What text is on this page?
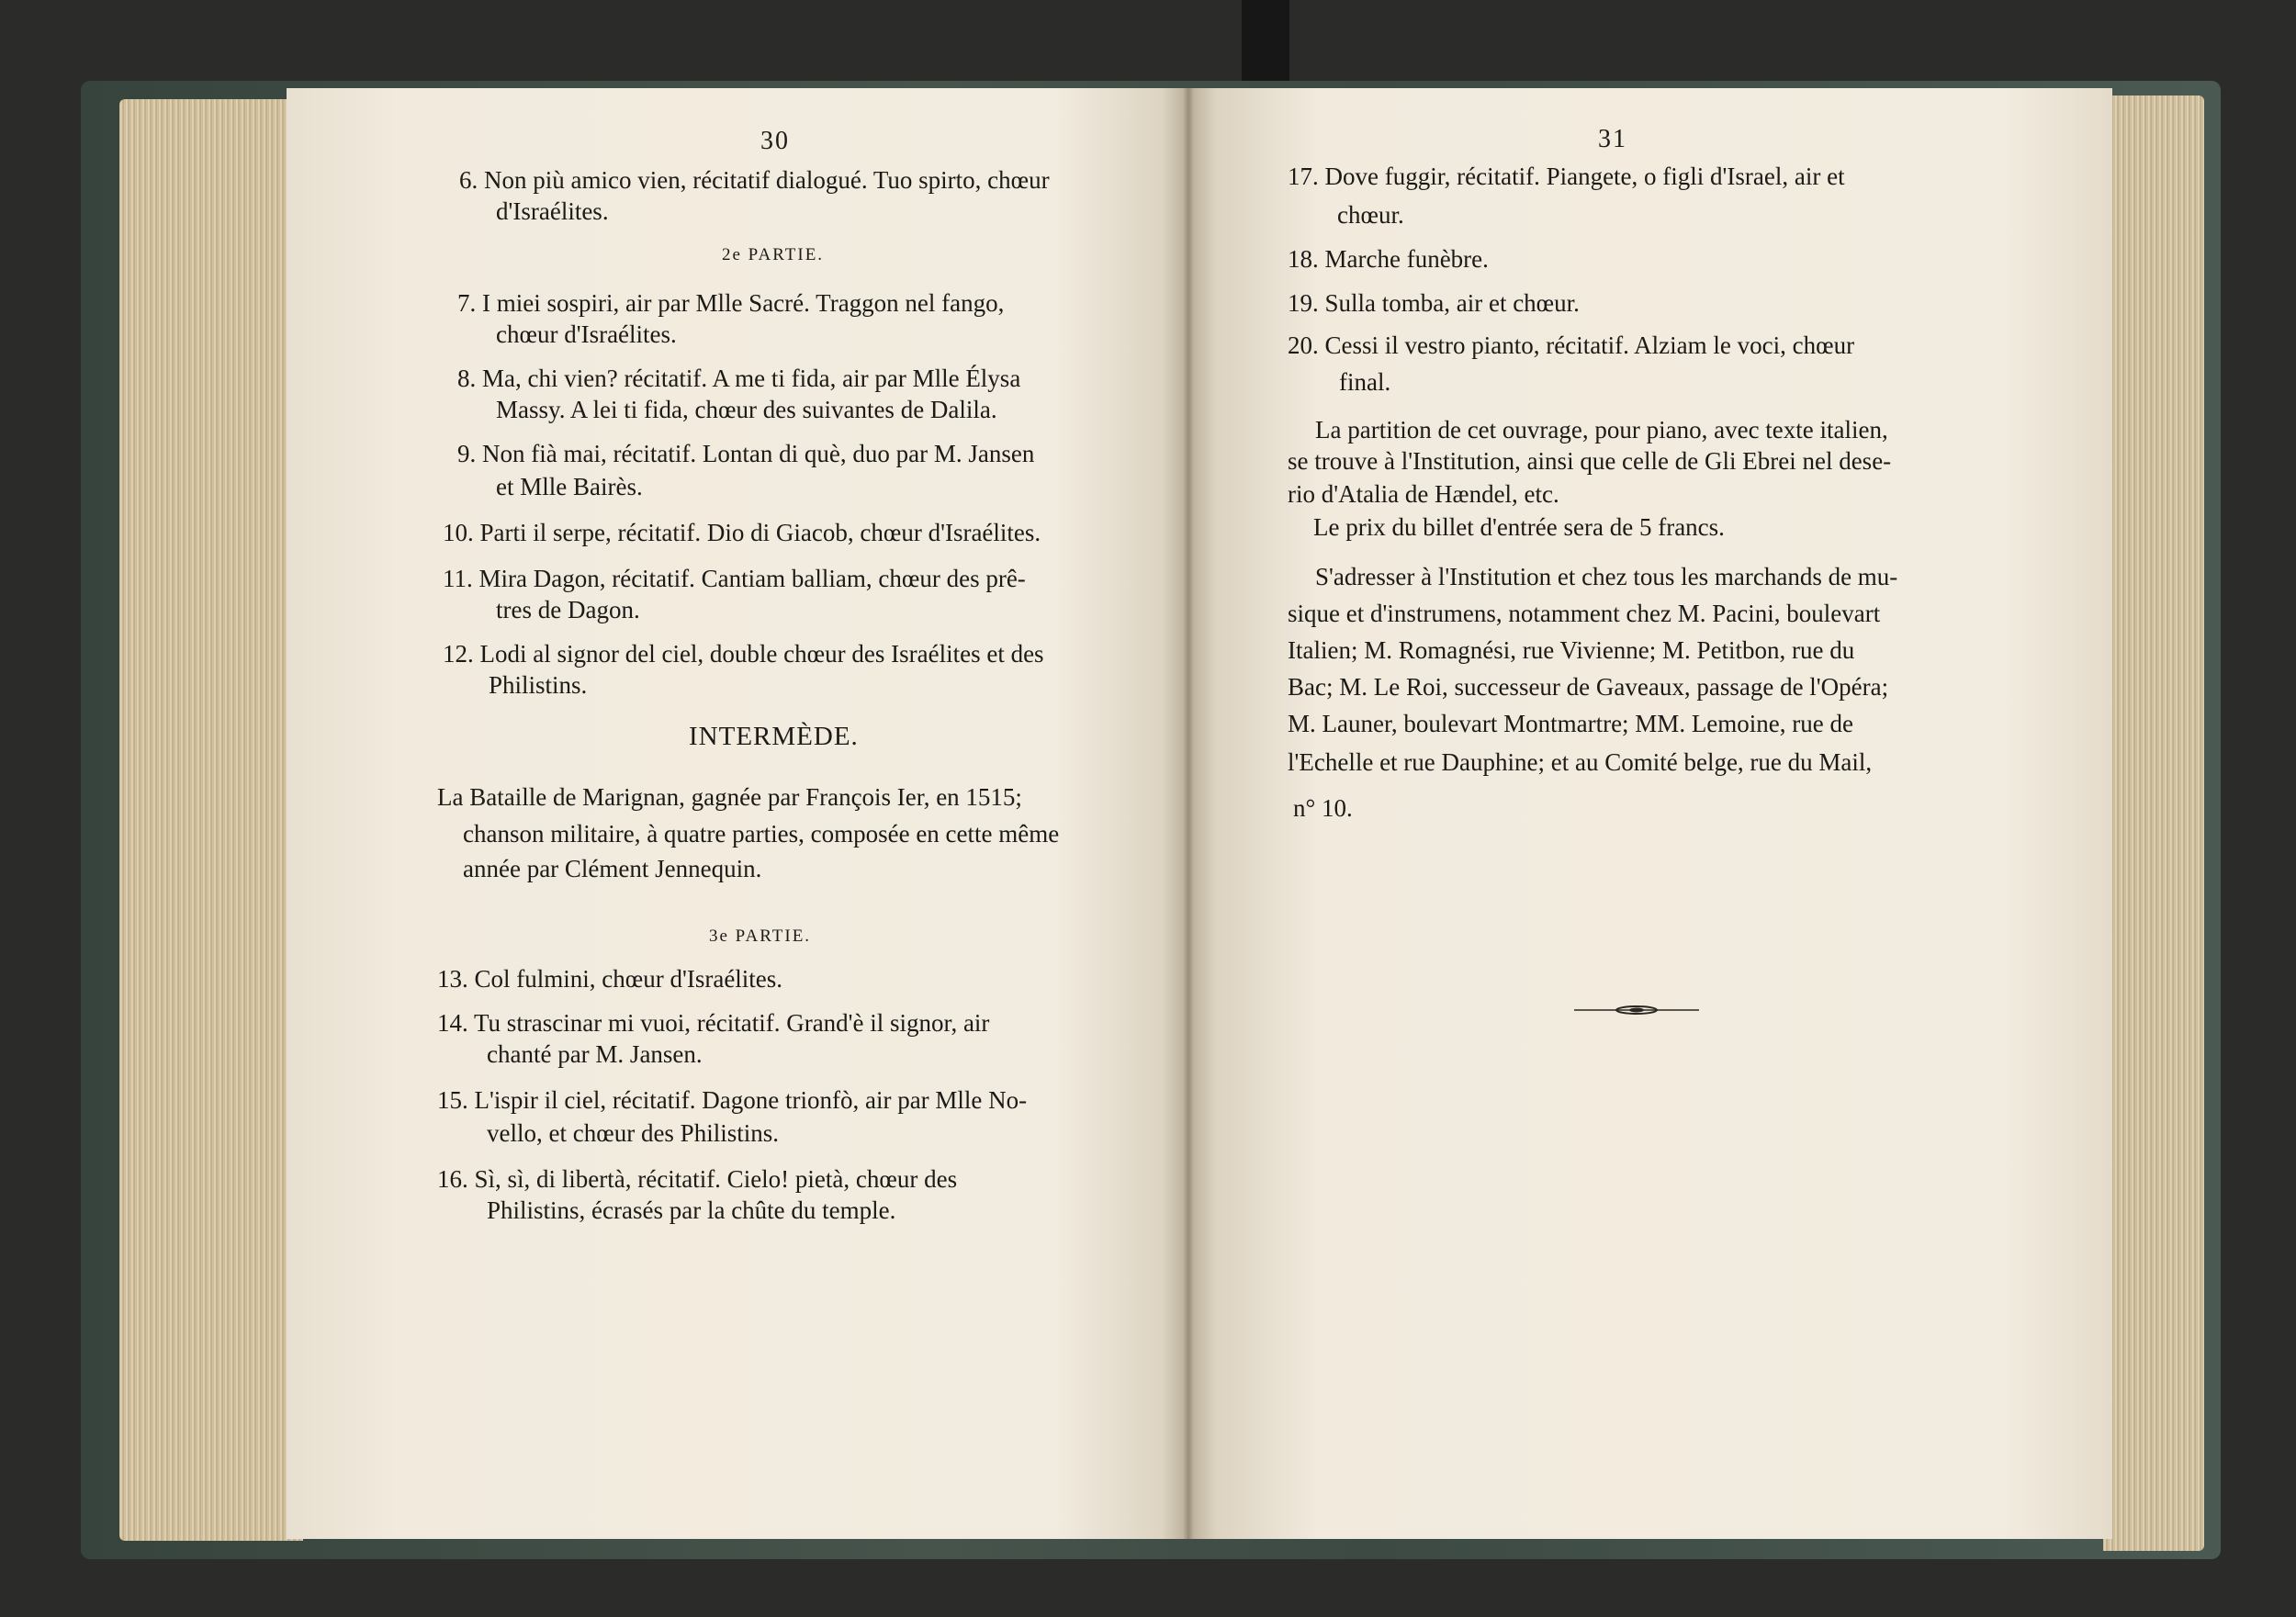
30
6. Non più amico vien, récitatif dialogué. Tuo spirto, chœur
d'Israélites.
2e PARTIE.
7. I miei sospiri, air par Mlle Sacré. Traggon nel fango,
chœur d'Israélites.
8. Ma, chi vien? récitatif. A me ti fida, air par Mlle Élysa
Massy. A lei ti fida, chœur des suivantes de Dalila.
9. Non fià mai, récitatif. Lontan di què, duo par M. Jansen
et Mlle Bairès.
10. Parti il serpe, récitatif. Dio di Giacob, chœur d'Israélites.
11. Mira Dagon, récitatif. Cantiam balliam, chœur des prê-
tres de Dagon.
12. Lodi al signor del ciel, double chœur des Israélites et des
Philistins.
INTERMÈDE.
La Bataille de Marignan, gagnée par François Ier, en 1515;
chanson militaire, à quatre parties, composée en cette même
année par Clément Jennequin.
3e PARTIE.
13. Col fulmini, chœur d'Israélites.
14. Tu strascinar mi vuoi, récitatif. Grand'è il signor, air
chanté par M. Jansen.
15. L'ispir il ciel, récitatif. Dagone trionfò, air par Mlle No-
vello, et chœur des Philistins.
16. Sì, sì, di libertà, récitatif. Cielo! pietà, chœur des
Philistins, écrasés par la chûte du temple.
31
17. Dove fuggir, récitatif. Piangete, o figli d'Israel, air et
chœur.
18. Marche funèbre.
19. Sulla tomba, air et chœur.
20. Cessi il vestro pianto, récitatif. Alziam le voci, chœur
final.
La partition de cet ouvrage, pour piano, avec texte italien,
se trouve à l'Institution, ainsi que celle de Gli Ebrei nel dese-
rio d'Atalia de Hændel, etc.
Le prix du billet d'entrée sera de 5 francs.
S'adresser à l'Institution et chez tous les marchands de mu-
sique et d'instrumens, notamment chez M. Pacini, boulevart
Italien; M. Romagnési, rue Vivienne; M. Petitbon, rue du
Bac; M. Le Roi, successeur de Gaveaux, passage de l'Opéra;
M. Launer, boulevart Montmartre; MM. Lemoine, rue de
l'Echelle et rue Dauphine; et au Comité belge, rue du Mail,
n° 10.
